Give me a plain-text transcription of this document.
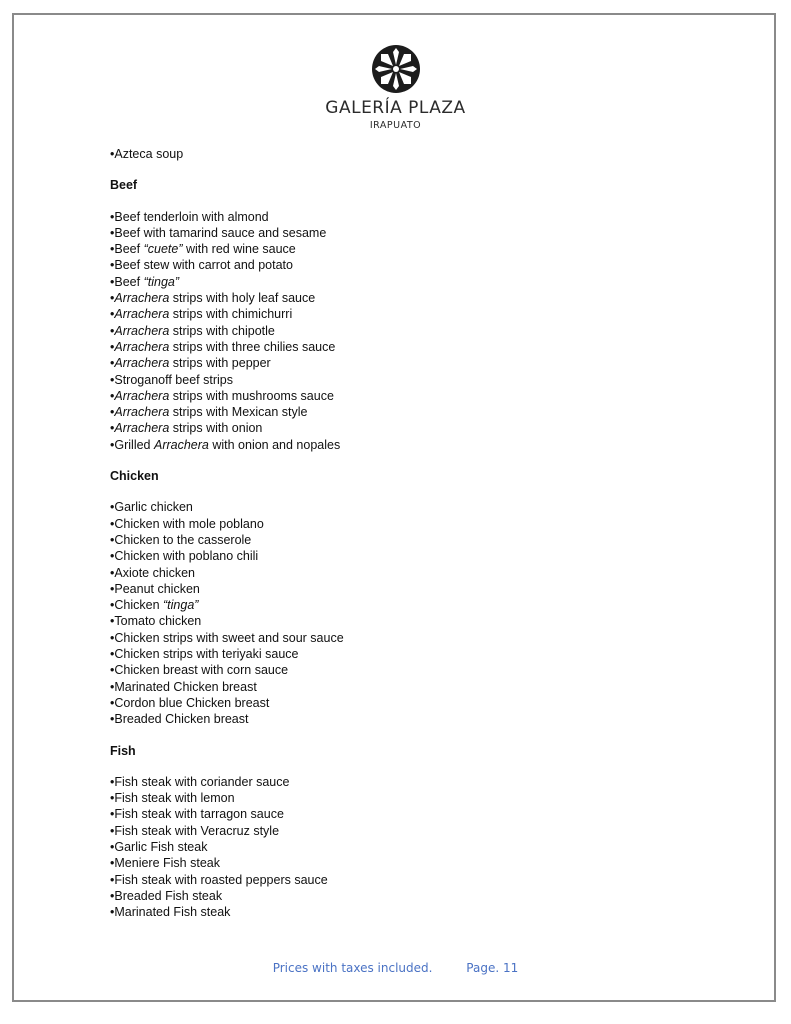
GALERÍA PLAZA
IRAPUATO
•Azteca soup
Beef
•Beef tenderloin with almond
•Beef with tamarind sauce and sesame
•Beef “cuete” with red wine sauce
•Beef stew with carrot and potato
•Beef “tinga”
•Arrachera strips with holy leaf sauce
•Arrachera strips with chimichurri
•Arrachera strips with chipotle
•Arrachera strips with three chilies sauce
•Arrachera strips with pepper
•Stroganoff beef strips
•Arrachera strips with mushrooms sauce
•Arrachera strips with Mexican style
•Arrachera strips with onion
•Grilled Arrachera with onion and nopales
Chicken
•Garlic chicken
•Chicken with mole poblano
•Chicken to the casserole
•Chicken with poblano chili
•Axiote chicken
•Peanut chicken
•Chicken “tinga”
•Tomato chicken
•Chicken strips with sweet and sour sauce
•Chicken strips with teriyaki sauce
•Chicken breast with corn sauce
•Marinated Chicken breast
•Cordon blue Chicken breast
•Breaded Chicken breast
Fish
•Fish steak with coriander sauce
•Fish steak with lemon
•Fish steak with tarragon sauce
•Fish steak with Veracruz style
•Garlic Fish steak
•Meniere Fish steak
•Fish steak with roasted peppers sauce
•Breaded Fish steak
•Marinated Fish steak
Prices with taxes included.	Page. 11
